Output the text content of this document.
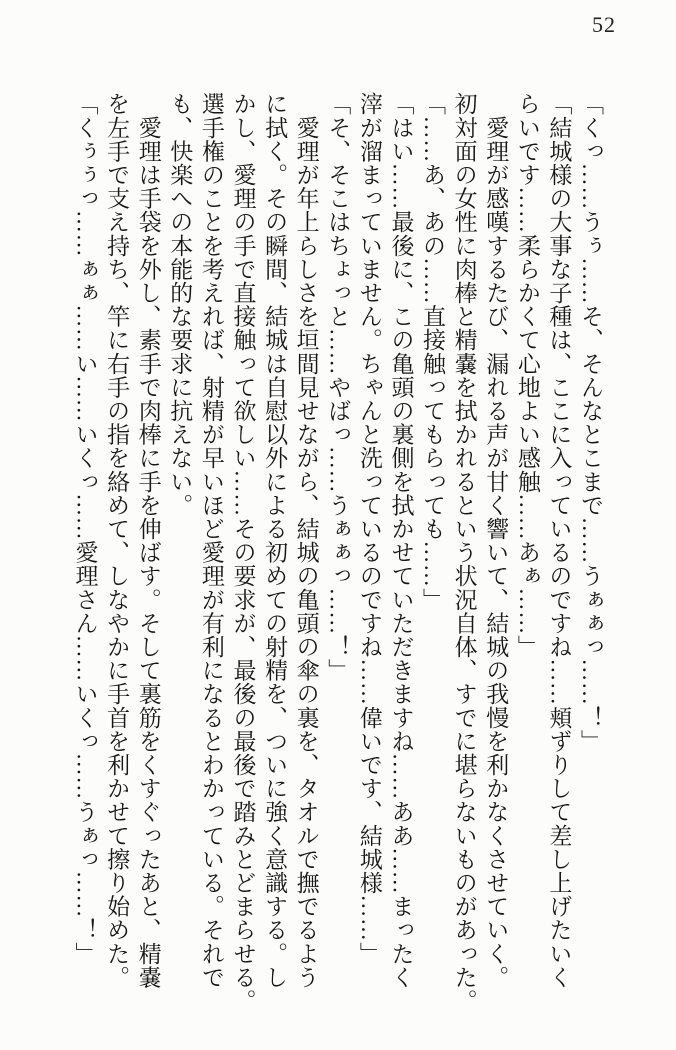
52

「くっ……うぅ……そ、そんなとこまで……うぁぁっ……！」

「結城様の大事な子種は、ここに入っているのですね……頬ずりして差し上げたいく

らいです……柔らかくて心地よい感触……あぁ……」

　愛理が感嘆するたび、漏れる声が甘く響いて、結城の我慢を利かなくさせていく。

初対面の女性に肉棒と精嚢を拭かれるという状況自体、すでに堪らないものがあった。

「……あ、あの……直接触ってもらっても……」

「はい……最後に、この亀頭の裏側を拭かせていただきますね……ああ……まったく

滓が溜まっていません。ちゃんと洗っているのですね……偉いです、結城様……」

「そ、そこはちょっと……やばっ……うぁぁっ……！」

　愛理が年上らしさを垣間見せながら、結城の亀頭の傘の裏を、タオルで撫でるよう

に拭く。その瞬間、結城は自慰以外による初めての射精を、ついに強く意識する。し

かし、愛理の手で直接触って欲しい……その要求が、最後の最後で踏みとどまらせる。

選手権のことを考えれば、射精が早いほど愛理が有利になるとわかっている。それで

も、快楽への本能的な要求に抗えない。

　愛理は手袋を外し、素手で肉棒に手を伸ばす。そして裏筋をくすぐったあと、精嚢

を左手で支え持ち、竿に右手の指を絡めて、しなやかに手首を利かせて擦り始めた。

「くぅぅっ……ぁぁ……い……いくっ……愛理さん……いくっ……うぁっ……！」
